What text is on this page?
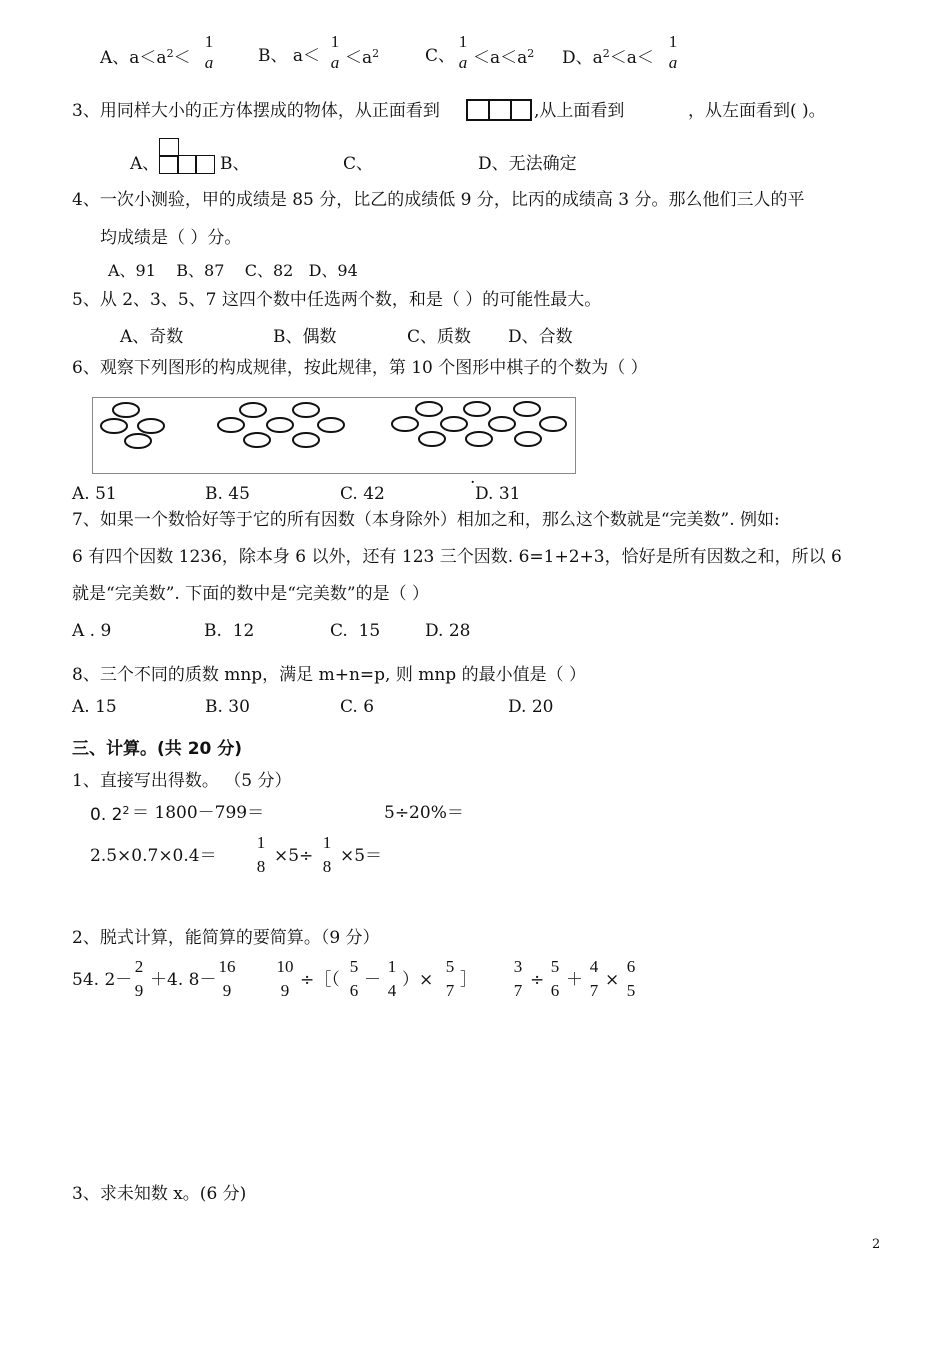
A、$a<a^2<$
1
a	B、 a＜
1
$a <a^2$	C、
1
$a <a<a^2$ D、$a^2<a<$
1
a
3、用同样大小的正方体摆成的物体，从正面看到	,从上面看到	，从左面看到( )。
A、	B、	C、	D、无法确定
4、一次小测验，甲的成绩是 85 分，比乙的成绩低 9 分，比丙的成绩高 3 分。那么他们三人的平
均成绩是（ ）分。
A、91    B、87    C、82   D、94
5、从 2、3、5、7 这四个数中任选两个数，和是（ ）的可能性最大。
A、奇数	B、偶数	C、质数 D、合数
6、观察下列图形的构成规律，按此规律，第 10 个图形中棋子的个数为（ ）
.
A. 51	B. 45	C. 42	D. 31
7、如果一个数恰好等于它的所有因数（本身除外）相加之和，那么这个数就是“完美数”. 例如:
6 有四个因数 1236，除本身 6 以外，还有 123 三个因数. 6=1+2+3，恰好是所有因数之和，所以 6
就是“完美数”. 下面的数中是“完美数”的是（ ）
A . 9	B.  12	C.  15	D. 28
8、三个不同的质数 mnp，满足 m+n=p, 则 mnp 的最小值是（ ）
A. 15	B. 30	C. 6	D. 20
三、计算。(共 20 分)
1、直接写出得数。 （5 分）
0. $2^2 = 1800-799=$	5÷20%＝
2.5×0.7×0.4＝
1
8
×5÷
1
8
×5＝
2、脱式计算，能简算的要简算。（9 分）
54. 2－
2
9
＋4. 8－
16
9
10
9
÷［（
5
6
－
1
4
）×
5
7
］
3
7
÷
5
6
＋
4
7
×
6
5
3、求未知数 x。(6 分)
2
